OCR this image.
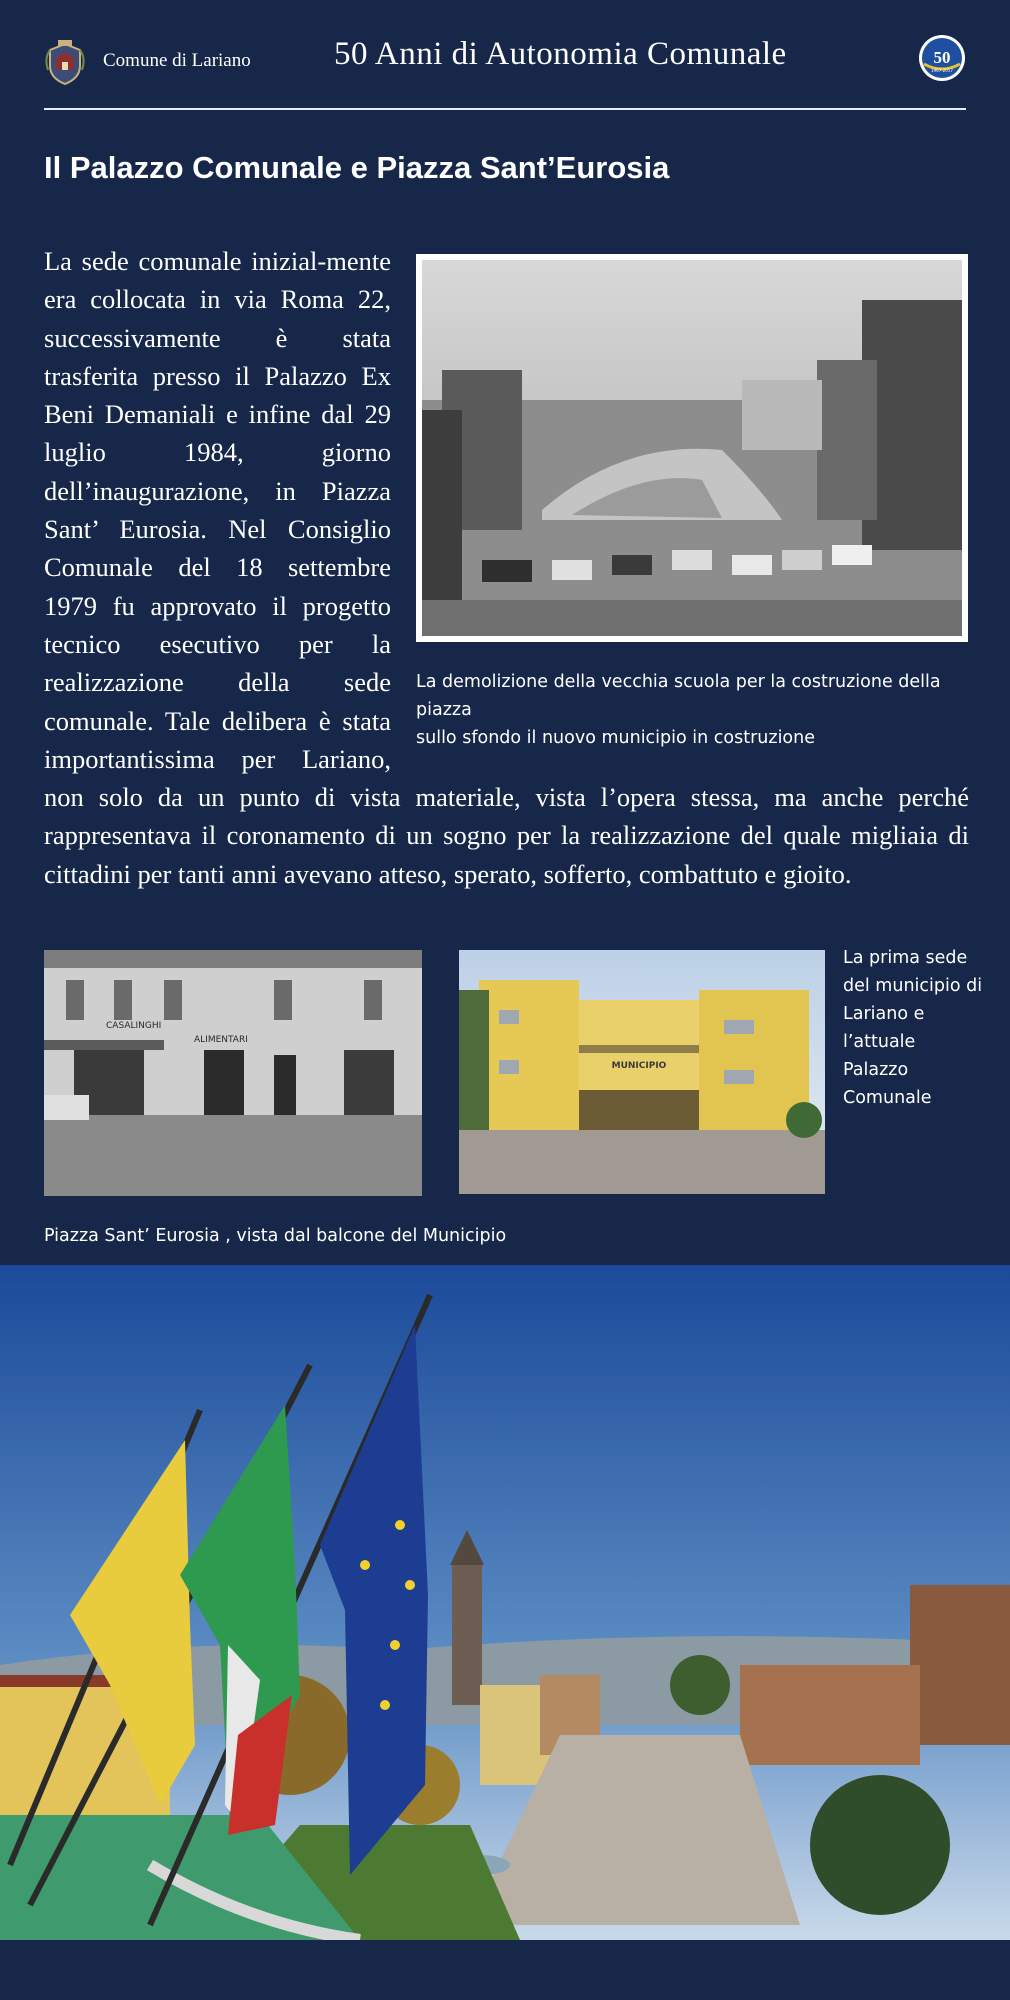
Comune di Lariano	50 Anni di Autonomia Comunale	50
1967-2017
Il Palazzo Comunale e Piazza Sant’Eurosia

La sede comunale inizial-mente era collocata in via Roma 22, successivamente è stata trasferita presso il Palazzo Ex Beni Demaniali e infine dal 29 luglio 1984, giorno dell’inaugurazione, in Piazza Sant’ Eurosia. Nel Consiglio Comunale del 18 settembre 1979 fu approvato il progetto tecnico esecutivo per la realizzazione della sede comunale. Tale delibera è stata importantissima per Lariano, non solo da un punto di vista materiale, vista l’opera stessa, ma anche perché rappresentava il coronamento di un sogno per la realizzazione del quale migliaia di cittadini per tanti anni avevano atteso, sperato, sofferto, combattuto e gioito.

La demolizione della vecchia scuola per la costruzione della piazza
sullo sfondo il nuovo municipio in costruzione
CASALINGHI
ALIMENTARI
MUNICIPIO
La prima sede del municipio di Lariano e l’attuale Palazzo Comunale
Piazza Sant’ Eurosia , vista dal balcone del Municipio
